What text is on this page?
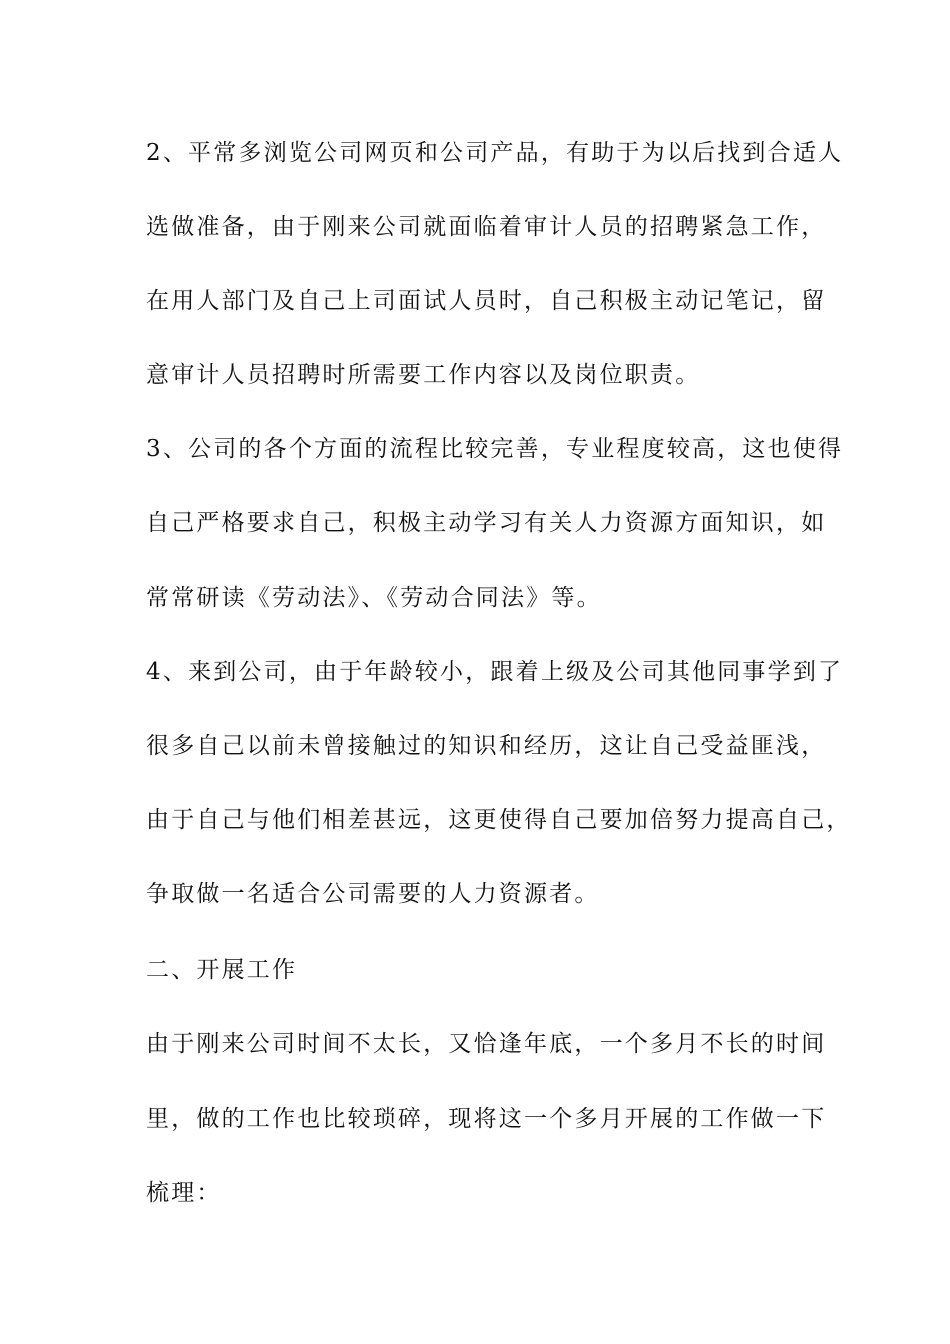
2、平常多浏览公司网页和公司产品，有助于为以后找到合适人
选做准备，由于刚来公司就面临着审计人员的招聘紧急工作，
在用人部门及自己上司面试人员时，自己积极主动记笔记，留
意审计人员招聘时所需要工作内容以及岗位职责。
3、公司的各个方面的流程比较完善，专业程度较高，这也使得
自己严格要求自己，积极主动学习有关人力资源方面知识，如
常常研读《劳动法》、《劳动合同法》等。
4、来到公司，由于年龄较小，跟着上级及公司其他同事学到了
很多自己以前未曾接触过的知识和经历，这让自己受益匪浅，
由于自己与他们相差甚远，这更使得自己要加倍努力提高自己，
争取做一名适合公司需要的人力资源者。
二、开展工作
由于刚来公司时间不太长，又恰逢年底，一个多月不长的时间
里，做的工作也比较琐碎，现将这一个多月开展的工作做一下
梳理：
